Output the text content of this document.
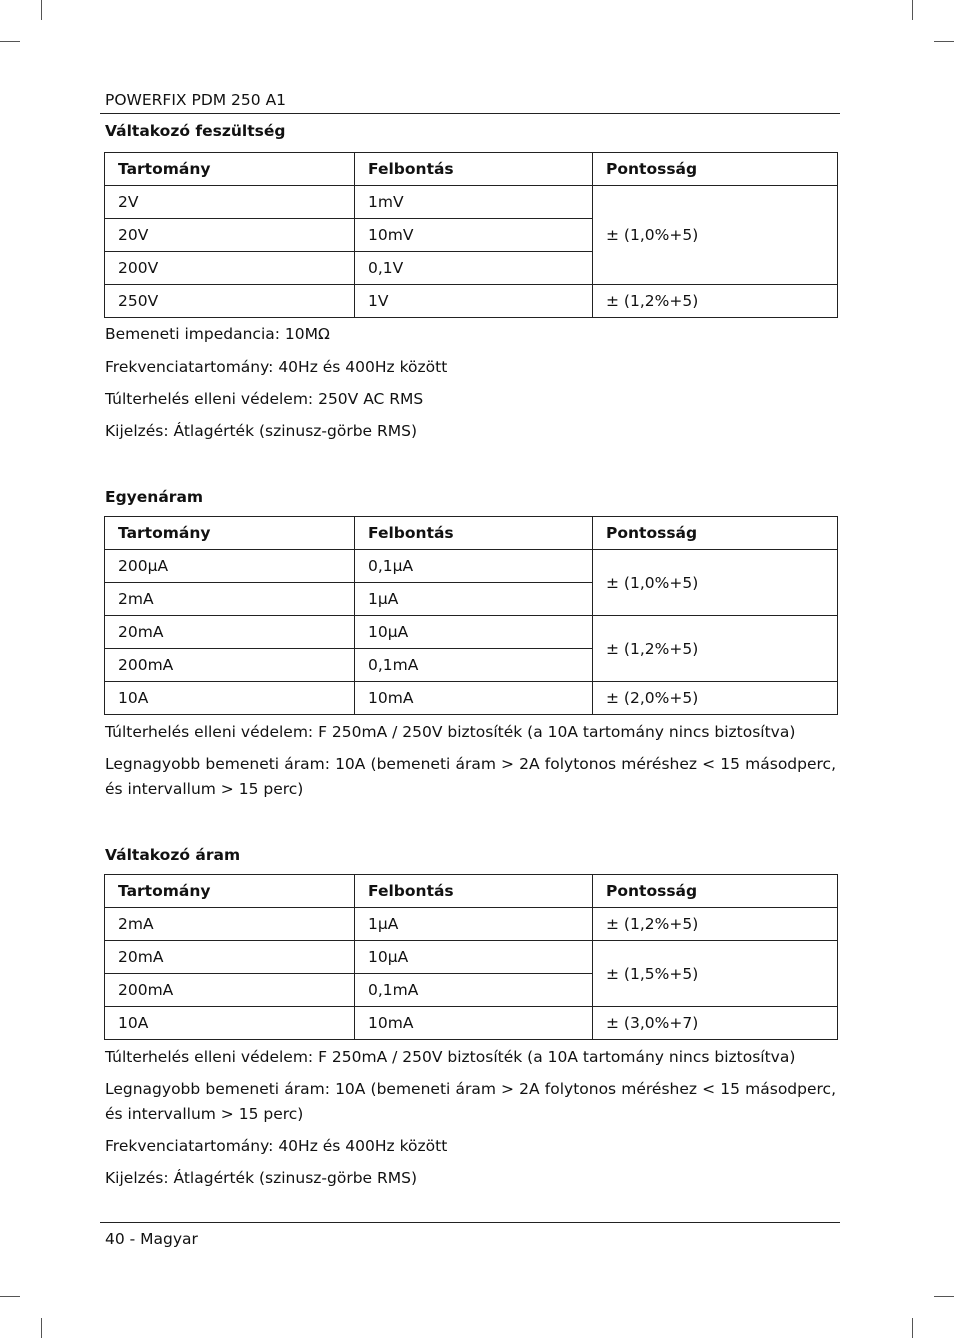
POWERFIX PDM 250 A1
Váltakozó feszültség
Tartomány	Felbontás	Pontosság
2V	1mV	± (1,0%+5)
20V	10mV	
200V	0,1V	
250V	1V	± (1,2%+5)
Bemeneti impedancia: 10MΩ
Frekvenciatartomány: 40Hz és 400Hz között
Túlterhelés elleni védelem: 250V AC RMS
Kijelzés: Átlagérték (szinusz-görbe RMS)
Egyenáram
Tartomány	Felbontás	Pontosság
200µA	0,1µA	± (1,0%+5)
2mA	1µA	
20mA	10µA	± (1,2%+5)
200mA	0,1mA	
10A	10mA	± (2,0%+5)
Túlterhelés elleni védelem: F 250mA / 250V biztosíték (a 10A tartomány nincs biztosítva)
Legnagyobb bemeneti áram: 10A (bemeneti áram > 2A folytonos méréshez < 15 másodperc, és intervallum > 15 perc)
Váltakozó áram
Tartomány	Felbontás	Pontosság
2mA	1µA	± (1,2%+5)
20mA	10µA	± (1,5%+5)
200mA	0,1mA	
10A	10mA	± (3,0%+7)
Túlterhelés elleni védelem: F 250mA / 250V biztosíték (a 10A tartomány nincs biztosítva)
Legnagyobb bemeneti áram: 10A (bemeneti áram > 2A folytonos méréshez < 15 másodperc, és intervallum > 15 perc)
Frekvenciatartomány: 40Hz és 400Hz között
Kijelzés: Átlagérték (szinusz-görbe RMS)
40 - Magyar
